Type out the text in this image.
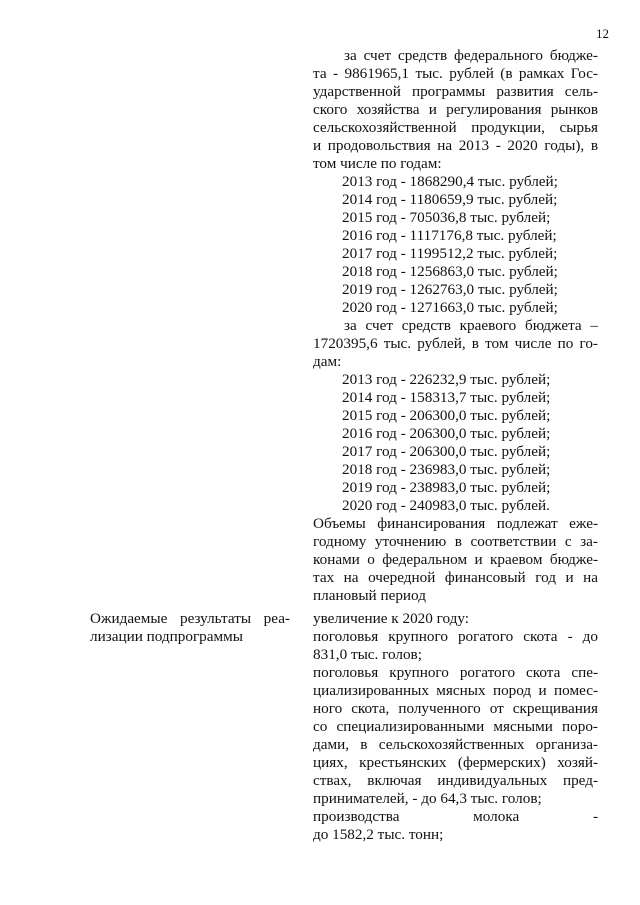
12
за счет средств федерального бюдже-
та - 9861965,1 тыс. рублей (в рамках Гос-
ударственной программы развития сель-
ского хозяйства и регулирования рынков
сельскохозяйственной продукции, сырья
и продовольствия на 2013 - 2020 годы), в
том числе по годам:
2013 год - 1868290,4 тыс. рублей;
2014 год - 1180659,9 тыс. рублей;
2015 год - 705036,8 тыс. рублей;
2016 год - 1117176,8 тыс. рублей;
2017 год - 1199512,2 тыс. рублей;
2018 год - 1256863,0 тыс. рублей;
2019 год - 1262763,0 тыс. рублей;
2020 год - 1271663,0 тыс. рублей;
за счет средств краевого бюджета –
1720395,6 тыс. рублей, в том числе по го-
дам:
2013 год - 226232,9 тыс. рублей;
2014 год - 158313,7 тыс. рублей;
2015 год - 206300,0 тыс. рублей;
2016 год - 206300,0 тыс. рублей;
2017 год - 206300,0 тыс. рублей;
2018 год - 236983,0 тыс. рублей;
2019 год - 238983,0 тыс. рублей;
2020 год - 240983,0 тыс. рублей.
Объемы финансирования подлежат еже-
годному уточнению в соответствии с за-
конами о федеральном и краевом бюдже-
тах на очередной финансовый год и на
плановый период
Ожидаемые результаты реа-
лизации подпрограммы
увеличение к 2020 году:
поголовья крупного рогатого скота - до
831,0 тыс. голов;
поголовья крупного рогатого скота спе-
циализированных мясных пород и помес-
ного скота, полученного от скрещивания
со специализированными мясными поро-
дами, в сельскохозяйственных организа-
циях, крестьянских (фермерских) хозяй-
ствах, включая индивидуальных пред-
принимателей, - до 64,3 тыс. голов;
производства молока -
до 1582,2 тыс. тонн;
